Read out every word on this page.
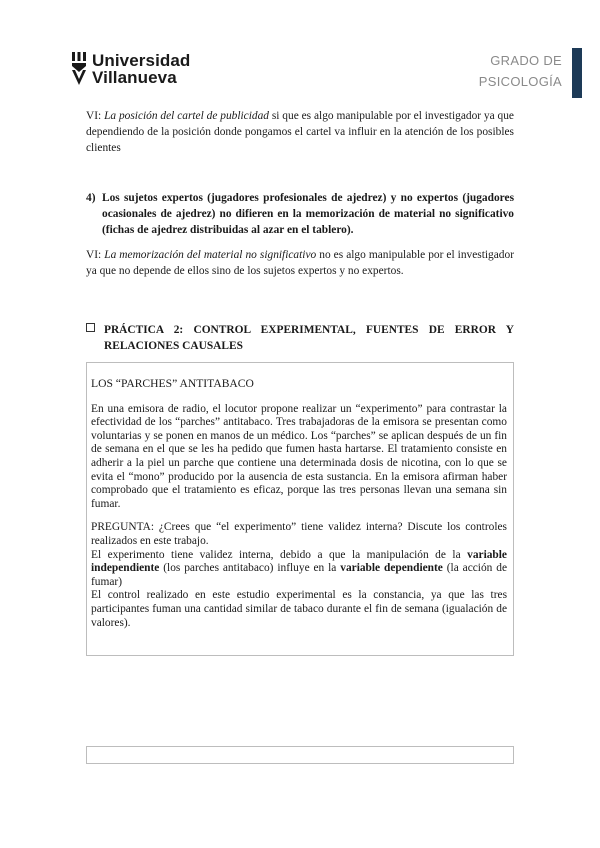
Universidad
Villanueva
GRADO DE
PSICOLOGÍA
VI: La posición del cartel de publicidad si que es algo manipulable por el investigador ya que dependiendo de la posición donde pongamos el cartel va influir en la atención de los posibles clientes
4) Los sujetos expertos (jugadores profesionales de ajedrez) y no expertos (jugadores ocasionales de ajedrez) no difieren en la memorización de material no significativo (fichas de ajedrez distribuidas al azar en el tablero).
VI: La memorización del material no significativo no es algo manipulable por el investigador ya que no depende de ellos sino de los sujetos expertos y no expertos.
PRÁCTICA 2: CONTROL EXPERIMENTAL, FUENTES DE ERROR Y RELACIONES CAUSALES
LOS “PARCHES” ANTITABACO
En una emisora de radio, el locutor propone realizar un “experimento” para contrastar la efectividad de los “parches” antitabaco. Tres trabajadoras de la emisora se presentan como voluntarias y se ponen en manos de un médico. Los “parches” se aplican después de un fin de semana en el que se les ha pedido que fumen hasta hartarse. El tratamiento consiste en adherir a la piel un parche que contiene una determinada dosis de nicotina, con lo que se evita el “mono” producido por la ausencia de esta sustancia. En la emisora afirman haber comprobado que el tratamiento es eficaz, porque las tres personas llevan una semana sin fumar.
PREGUNTA: ¿Crees que “el experimento” tiene validez interna? Discute los controles realizados en este trabajo.
El experimento tiene validez interna, debido a que la manipulación de la variable independiente (los parches antitabaco) influye en la variable dependiente (la acción de fumar)
El control realizado en este estudio experimental es la constancia, ya que las tres participantes fuman una cantidad similar de tabaco durante el fin de semana (igualación de valores).
